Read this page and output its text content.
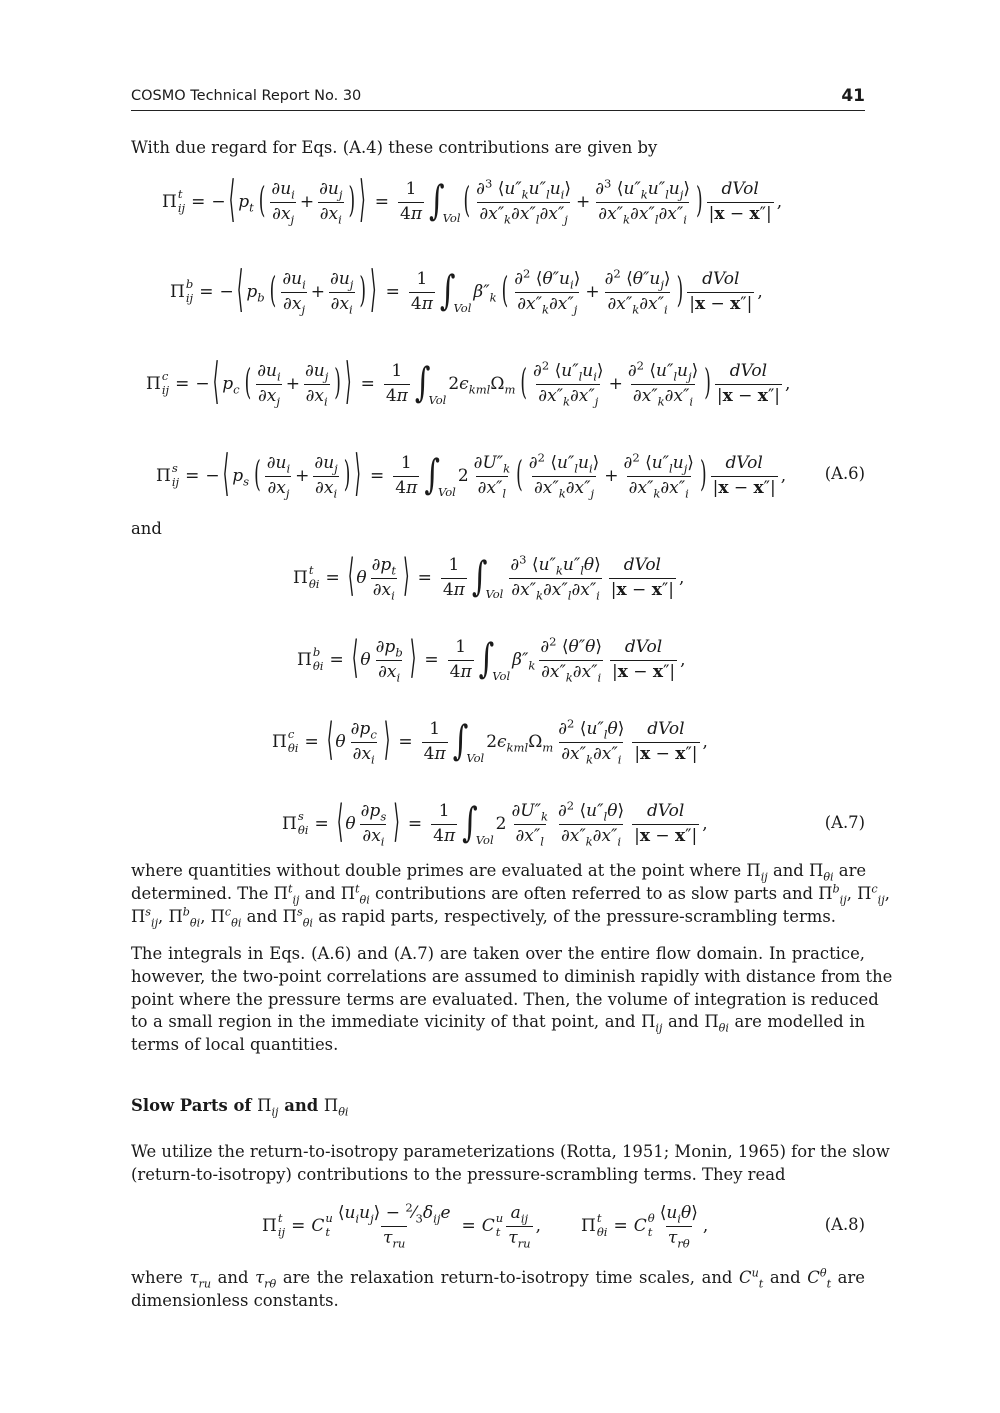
COSMO Technical Report No. 30	41
With due regard for Eqs. (A.4) these contributions are given by
Π t
ij = − ⟨ $p_t$ ( $\partial u_i$
$\partial x_j$
+ $\frac{\partial u_j}{\partial x_i}$ ) ⟩ = $\frac{1}{4\pi}$ ∫
Vol ( ∂$^3$ $⟨u''_ku''_lu_i⟩$
$\partial x''_k\partial x''_l\partial x''_j$
+
∂$^3$ $⟨u''_ku''_lu_j⟩$
$\partial x''_k\partial x''_l\partial x''_i$ ) dVol
|x − x″|
,
Π b
ij = − ⟨ $p_b$ ( $\partial u_i$
$\partial x_j$
+ $\frac{\partial u_j}{\partial x_i}$ ) ⟩ = $\frac{1}{4\pi}$ ∫
Vol
$\beta''_k$ ( ∂$^2$ $⟨\theta''u_i⟩$
$\partial x''_k\partial x''_j$
+ $\frac{\partial^2 ⟨\theta''u_j⟩}{\partial x''_k\partial x''_i}$ ) dVol
|x − x″|
,
Π c
ij = − ⟨ $p_c$ ( $\partial u_i$
$\partial x_j$
+ $\frac{\partial u_j}{\partial x_i}$ ) ⟩ = $\frac{1}{4\pi}$ ∫
Vol
$2\epsilon_{kml}\Omega_m$ ( ∂$^2$ $⟨u''_lu_i⟩$
$\partial x''_k\partial x''_j$
+
∂$^2$ $⟨u''_lu_j⟩$
$\partial x''_k\partial x''_i$ ) dVol
|x − x″|
,
Π s
ij = − ⟨ $p_s$ ( $\partial u_i$
$\partial x_j$
+ $\frac{\partial u_j}{\partial x_i}$ ) ⟩ = $\frac{1}{4\pi}$ ∫
Vol
2
$\partial U''_k$
$\partial x''_l$ ( ∂$^2$ $⟨u''_lu_i⟩$
$\partial x''_k\partial x''_j$
+
∂$^2$ $⟨u''_lu_j⟩$
$\partial x''_k\partial x''_i$ ) dVol
|x − x″|
, (A.6)
and
Π t
θi = ⟨ θ
$\partial p_t$
$\partial x_i$ ⟩ = $\frac{1}{4\pi}$ ∫
Vol
∂$^3$ $⟨u''_ku''_l\theta⟩$
$\partial x''_k\partial x''_l\partial x''_i$
dVol
|x − x″|
,
Π b
θi = ⟨ θ
$\partial p_b$
$\partial x_i$ ⟩ = $\frac{1}{4\pi}$ ∫
Vol
$\beta''_k$
∂$^2$ ⟨θ″θ⟩
$\partial x''_k\partial x''_i$
dVol
|x − x″|
,
Π c
θi = ⟨ θ
$\partial p_c$
$\partial x_i$ ⟩ = $\frac{1}{4\pi}$ ∫
Vol
$2\epsilon_{kml}\Omega_m$
∂$^2$ $⟨u''_l\theta⟩$
$\partial x''_k\partial x''_i$
dVol
|x − x″|
,
Π s
θi = ⟨ θ
$\partial p_s$
$\partial x_i$ ⟩ = $\frac{1}{4\pi}$ ∫
Vol
2
$\partial U''_k$
$\partial x''_l$
∂$^2$ $⟨u''_l\theta⟩$
$\partial x''_k\partial x''_i$
dVol
|x − x″|
,	(A.7)
where quantities without double primes are evaluated at the point where $\Pi_{ij}$ and $\Pi_{\theta i}$ are
determined. The $\Pi^t_{ij}$ and $\Pi^t_{\theta i}$ contributions are often referred to as slow parts and $\Pi^b_{ij}$, $\Pi^c_{ij}$,
$\Pi^s_{ij}$, $\Pi^b_{\theta i}$, $\Pi^c_{\theta i}$ and $\Pi^s_{\theta i}$ as rapid parts, respectively, of the pressure-scrambling terms.
The integrals in Eqs. (A.6) and (A.7) are taken over the entire flow domain. In practice,
however, the two-point correlations are assumed to diminish rapidly with distance from the
point where the pressure terms are evaluated. Then, the volume of integration is reduced
to a small region in the immediate vicinity of that point, and $\Pi_{ij}$ and $\Pi_{\theta i}$ are modelled in
terms of local quantities.
Slow Parts of $\Pi_{ij}$ and $\Pi_{\theta i}$
We utilize the return-to-isotropy parameterizations (Rotta, 1951; Monin, 1965) for the slow
(return-to-isotropy) contributions to the pressure-scrambling terms. They read
Π t
ij = C u
t
$⟨u_iu_j⟩$ − $^2⁄_3\delta_{ij}e$
$\tau_{ru}$
= C u
t
$a_{ij}$
$\tau_{ru}$
, Π t
θi = C θ
t
$⟨u_i\theta⟩$
$\tau_{r\theta}$
,	(A.8)
where $\tau_{ru}$ and $\tau_{r\theta}$ are the relaxation return-to-isotropy time scales, and $C^u_t$ and $C^\theta_t$ are
dimensionless constants.
